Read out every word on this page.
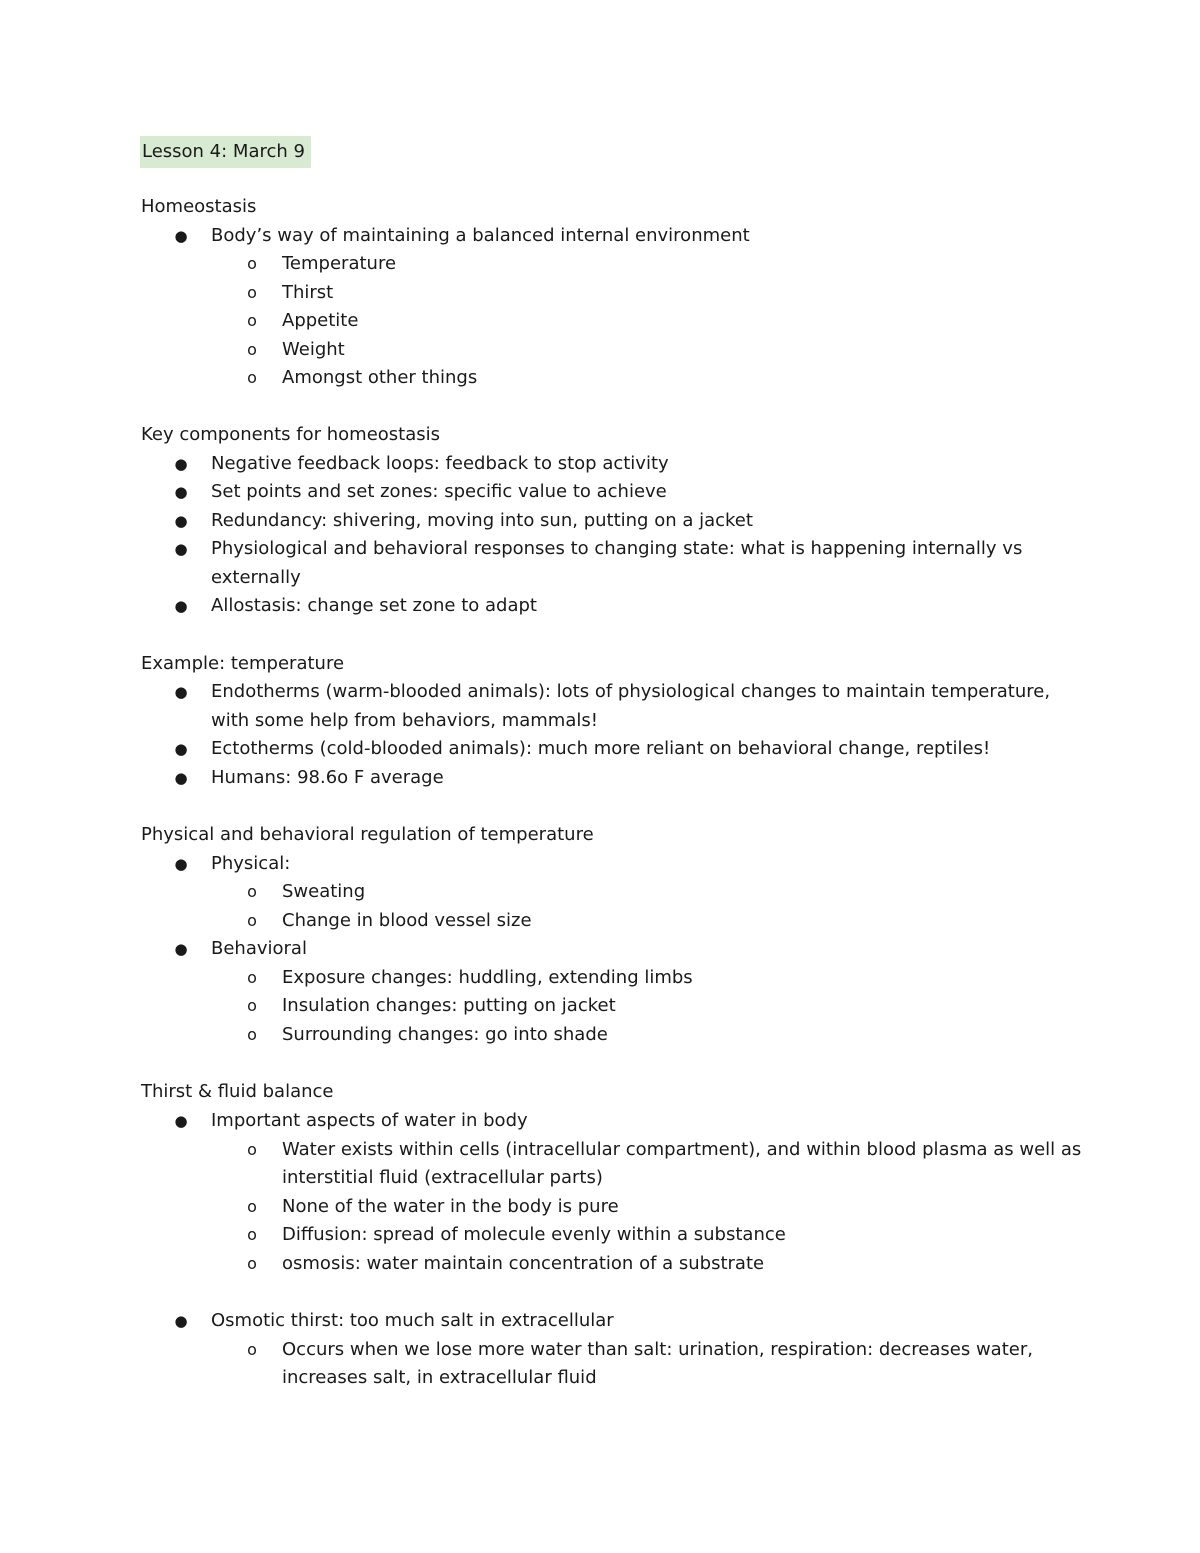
Lesson 4: March 9
Homeostasis
● Body’s way of maintaining a balanced internal environment
o Temperature
o Thirst
o Appetite
o Weight
o Amongst other things
Key components for homeostasis
● Negative feedback loops: feedback to stop activity
● Set points and set zones: specific value to achieve
● Redundancy: shivering, moving into sun, putting on a jacket
● Physiological and behavioral responses to changing state: what is happening internally vs
externally
● Allostasis: change set zone to adapt
Example: temperature
● Endotherms (warm-blooded animals): lots of physiological changes to maintain temperature,
with some help from behaviors, mammals!
● Ectotherms (cold-blooded animals): much more reliant on behavioral change, reptiles!
● Humans: 98.6o F average
Physical and behavioral regulation of temperature
● Physical:
o Sweating
o Change in blood vessel size
● Behavioral
o Exposure changes: huddling, extending limbs
o Insulation changes: putting on jacket
o Surrounding changes: go into shade
Thirst & fluid balance
● Important aspects of water in body
o Water exists within cells (intracellular compartment), and within blood plasma as well as
interstitial fluid (extracellular parts)
o None of the water in the body is pure
o Diffusion: spread of molecule evenly within a substance
o osmosis: water maintain concentration of a substrate
● Osmotic thirst: too much salt in extracellular
o Occurs when we lose more water than salt: urination, respiration: decreases water,
increases salt, in extracellular fluid
